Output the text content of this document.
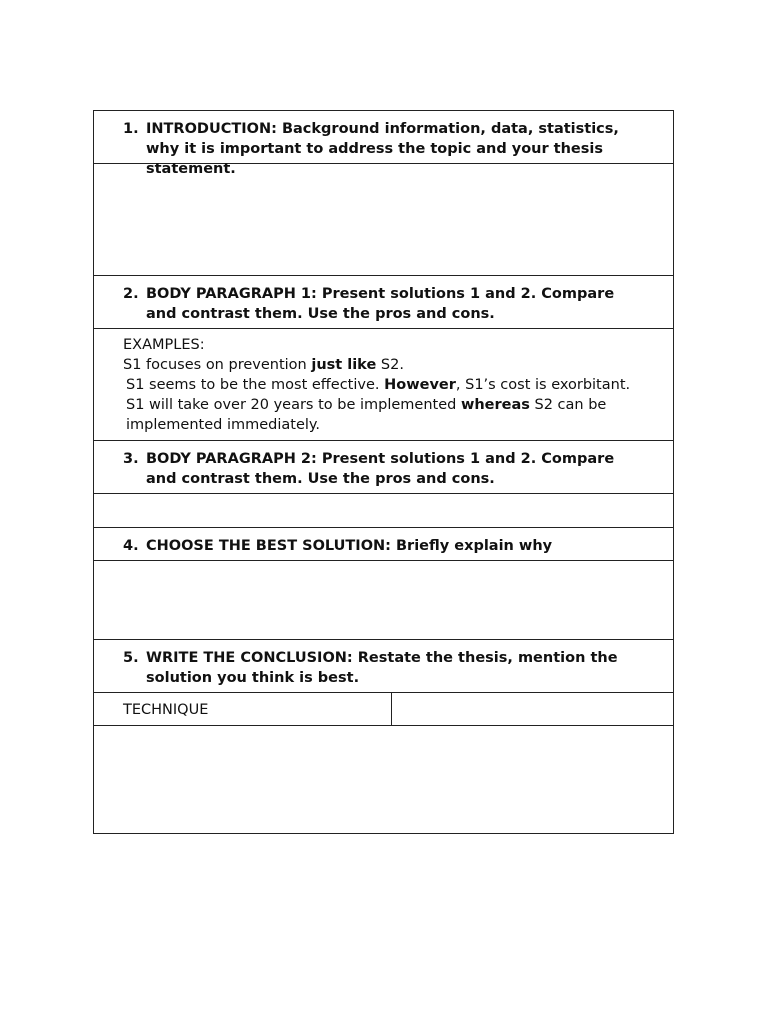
1. INTRODUCTION: Background information, data, statistics, why it is important to address the topic and your thesis statement.
2. BODY PARAGRAPH 1: Present solutions 1 and 2. Compare and contrast them. Use the pros and cons.
EXAMPLES:
S1 focuses on prevention just like S2.
S1 seems to be the most effective. However, S1’s cost is exorbitant.
S1 will take over 20 years to be implemented whereas S2 can be
implemented immediately.
3. BODY PARAGRAPH 2: Present solutions 1 and 2. Compare and contrast them. Use the pros and cons.
4. CHOOSE THE BEST SOLUTION: Briefly explain why
5. WRITE THE CONCLUSION: Restate the thesis, mention the solution you think is best.
TECHNIQUE
